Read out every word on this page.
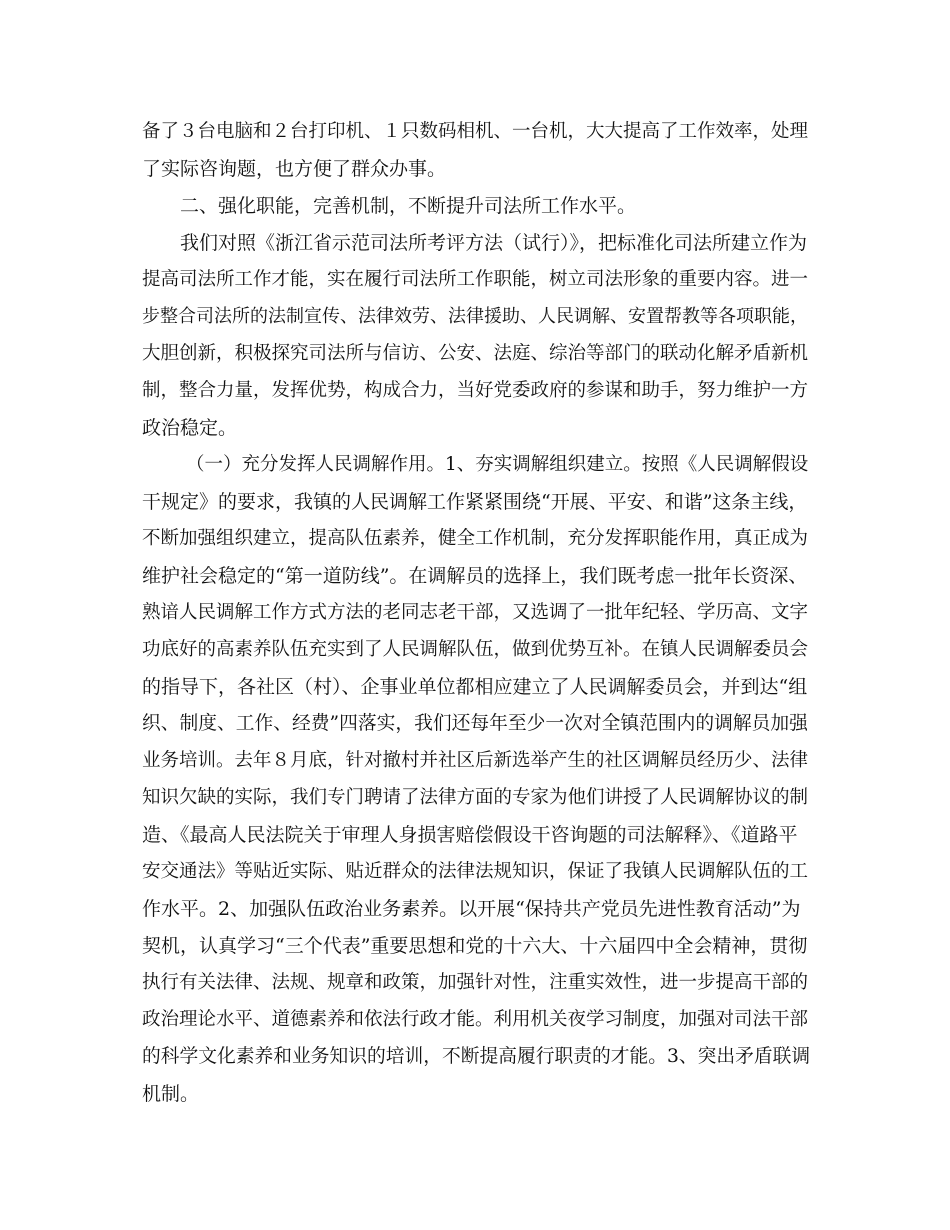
备了３台电脑和２台打印机、１只数码相机、一台机，大大提高了工作效率，处理
了实际咨询题，也方便了群众办事。
二、强化职能，完善机制，不断提升司法所工作水平。
我们对照《浙江省示范司法所考评方法（试行）》，把标准化司法所建立作为
提高司法所工作才能，实在履行司法所工作职能，树立司法形象的重要内容。进一
步整合司法所的法制宣传、法律效劳、法律援助、人民调解、安置帮教等各项职能，
大胆创新，积极探究司法所与信访、公安、法庭、综治等部门的联动化解矛盾新机
制，整合力量，发挥优势，构成合力，当好党委政府的参谋和助手，努力维护一方
政治稳定。
（一）充分发挥人民调解作用。1、夯实调解组织建立。按照《人民调解假设
干规定》的要求，我镇的人民调解工作紧紧围绕“开展、平安、和谐”这条主线，
不断加强组织建立，提高队伍素养，健全工作机制，充分发挥职能作用，真正成为
维护社会稳定的“第一道防线”。在调解员的选择上，我们既考虑一批年长资深、
熟谙人民调解工作方式方法的老同志老干部，又选调了一批年纪轻、学历高、文字
功底好的高素养队伍充实到了人民调解队伍，做到优势互补。在镇人民调解委员会
的指导下，各社区（村）、企事业单位都相应建立了人民调解委员会，并到达“组
织、制度、工作、经费”四落实，我们还每年至少一次对全镇范围内的调解员加强
业务培训。去年８月底，针对撤村并社区后新选举产生的社区调解员经历少、法律
知识欠缺的实际，我们专门聘请了法律方面的专家为他们讲授了人民调解协议的制
造、《最高人民法院关于审理人身损害赔偿假设干咨询题的司法解释》、《道路平
安交通法》等贴近实际、贴近群众的法律法规知识，保证了我镇人民调解队伍的工
作水平。2、加强队伍政治业务素养。以开展“保持共产党员先进性教育活动”为
契机，认真学习“三个代表”重要思想和党的十六大、十六届四中全会精神，贯彻
执行有关法律、法规、规章和政策，加强针对性，注重实效性，进一步提高干部的
政治理论水平、道德素养和依法行政才能。利用机关夜学习制度，加强对司法干部
的科学文化素养和业务知识的培训，不断提高履行职责的才能。3、突出矛盾联调
机制。
